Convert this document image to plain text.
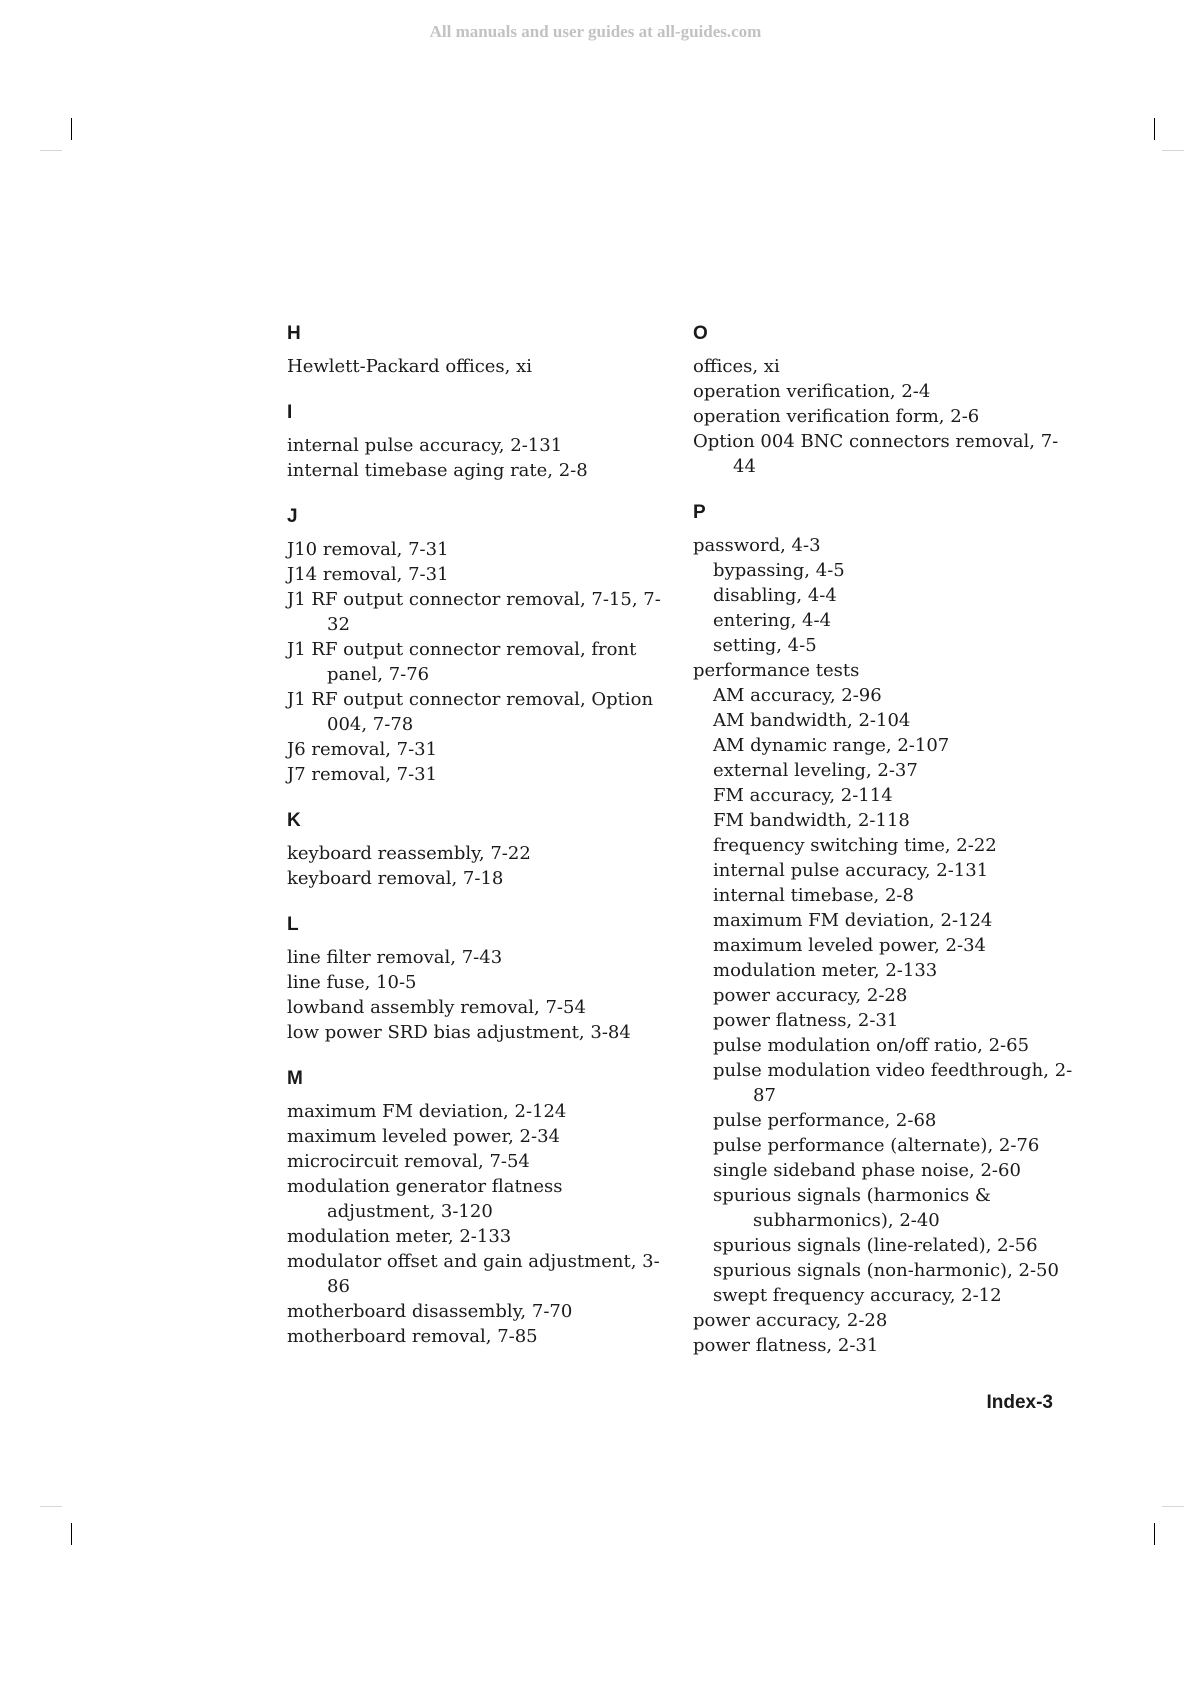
All manuals and user guides at all-guides.com
H
Hewlett-Packard offices, xi
I
internal pulse accuracy, 2-131
internal timebase aging rate, 2-8
J
J10 removal, 7-31
J14 removal, 7-31
J1 RF output connector removal, 7-15, 7-32
J1 RF output connector removal, front panel, 7-76
J1 RF output connector removal, Option 004, 7-78
J6 removal, 7-31
J7 removal, 7-31
K
keyboard reassembly, 7-22
keyboard removal, 7-18
L
line filter removal, 7-43
line fuse, 10-5
lowband assembly removal, 7-54
low power SRD bias adjustment, 3-84
M
maximum FM deviation, 2-124
maximum leveled power, 2-34
microcircuit removal, 7-54
modulation generator flatness adjustment, 3-120
modulation meter, 2-133
modulator offset and gain adjustment, 3-86
motherboard disassembly, 7-70
motherboard removal, 7-85
O
offices, xi
operation verification, 2-4
operation verification form, 2-6
Option 004 BNC connectors removal, 7-44
P
password, 4-3
bypassing, 4-5
disabling, 4-4
entering, 4-4
setting, 4-5
performance tests
AM accuracy, 2-96
AM bandwidth, 2-104
AM dynamic range, 2-107
external leveling, 2-37
FM accuracy, 2-114
FM bandwidth, 2-118
frequency switching time, 2-22
internal pulse accuracy, 2-131
internal timebase, 2-8
maximum FM deviation, 2-124
maximum leveled power, 2-34
modulation meter, 2-133
power accuracy, 2-28
power flatness, 2-31
pulse modulation on/off ratio, 2-65
pulse modulation video feedthrough, 2-87
pulse performance, 2-68
pulse performance (alternate), 2-76
single sideband phase noise, 2-60
spurious signals (harmonics & subharmonics), 2-40
spurious signals (line-related), 2-56
spurious signals (non-harmonic), 2-50
swept frequency accuracy, 2-12
power accuracy, 2-28
power flatness, 2-31
Index-3
